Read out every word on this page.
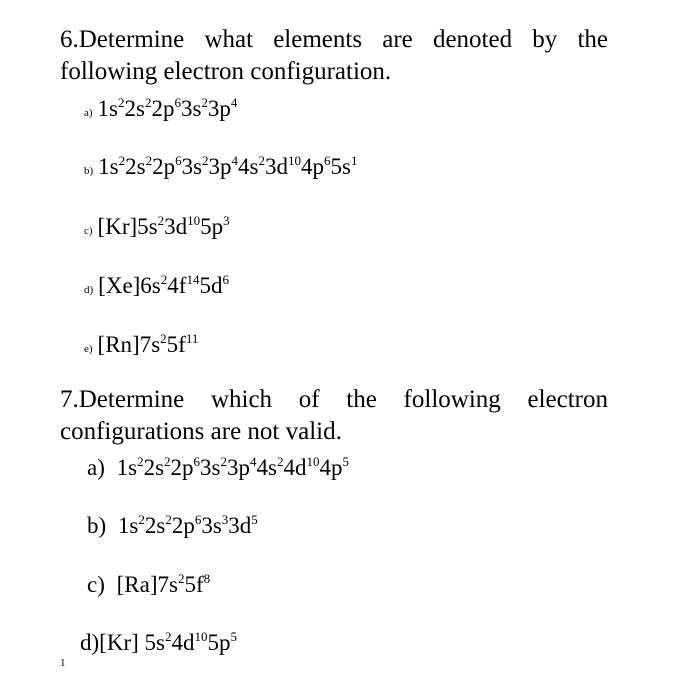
6.Determine what elements are denoted by the following electron configuration.

a) $1s^22s^22p^63s^23p^4$
b) $1s^22s^22p^63s^23p^44s^23d^{10}4p^65s^1$
c) $[Kr]5s^23d^{10}5p^3$
d) $[Xe]6s^24f^{14}5d^6$
e) $[Rn]7s^25f^{11}$

7.Determine which of the following electron configurations are not valid.

a) $1s^22s^22p^63s^23p^44s^24d^{10}4p^5$
b) $1s^22s^22p^63s^33d^5$
c) $[Ra]7s^25f^8$
d)[Kr] $5s^24d^{10}5p^5$
1
